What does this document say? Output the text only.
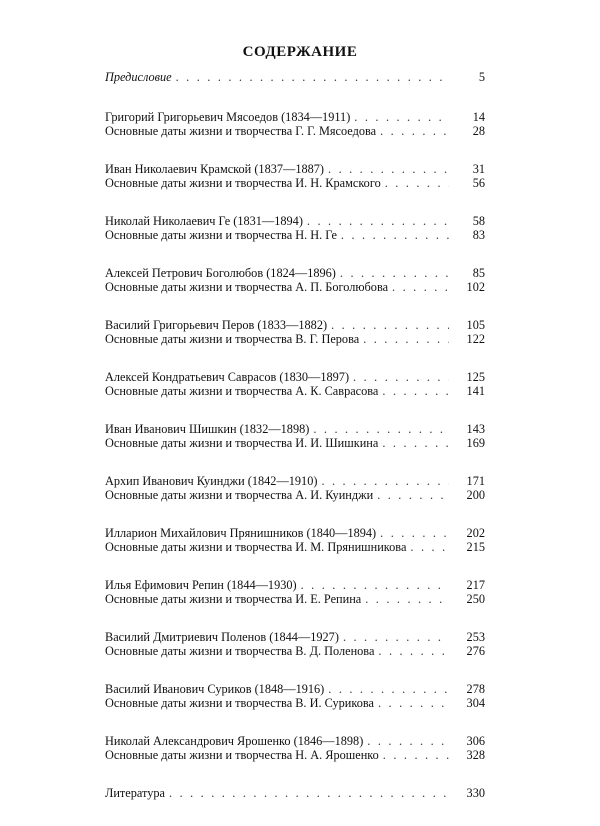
СОДЕРЖАНИЕ
Предисловие . . .	5
Григорий Григорьевич Мясоедов (1834—1911) . . .	14
Основные даты жизни и творчества Г. Г. Мясоедова . . .	28
Иван Николаевич Крамской (1837—1887) . . .	31
Основные даты жизни и творчества И. Н. Крамского . . .	56
Николай Николаевич Ге (1831—1894) . . .	58
Основные даты жизни и творчества Н. Н. Ге . . .	83
Алексей Петрович Боголюбов (1824—1896) . . .	85
Основные даты жизни и творчества А. П. Боголюбова . . .	102
Василий Григорьевич Перов (1833—1882) . . .	105
Основные даты жизни и творчества В. Г. Перова . . .	122
Алексей Кондратьевич Саврасов (1830—1897) . . .	125
Основные даты жизни и творчества А. К. Саврасова . . .	141
Иван Иванович Шишкин (1832—1898) . . .	143
Основные даты жизни и творчества И. И. Шишкина . . .	169
Архип Иванович Куинджи (1842—1910) . . .	171
Основные даты жизни и творчества А. И. Куинджи . . .	200
Илларион Михайлович Прянишников (1840—1894) . . .	202
Основные даты жизни и творчества И. М. Прянишникова . . .	215
Илья Ефимович Репин (1844—1930) . . .	217
Основные даты жизни и творчества И. Е. Репина . . .	250
Василий Дмитриевич Поленов (1844—1927) . . .	253
Основные даты жизни и творчества В. Д. Поленова . . .	276
Василий Иванович Суриков (1848—1916) . . .	278
Основные даты жизни и творчества В. И. Сурикова . . .	304
Николай Александрович Ярошенко (1846—1898) . . .	306
Основные даты жизни и творчества Н. А. Ярошенко . . .	328
Литература . . .	330
